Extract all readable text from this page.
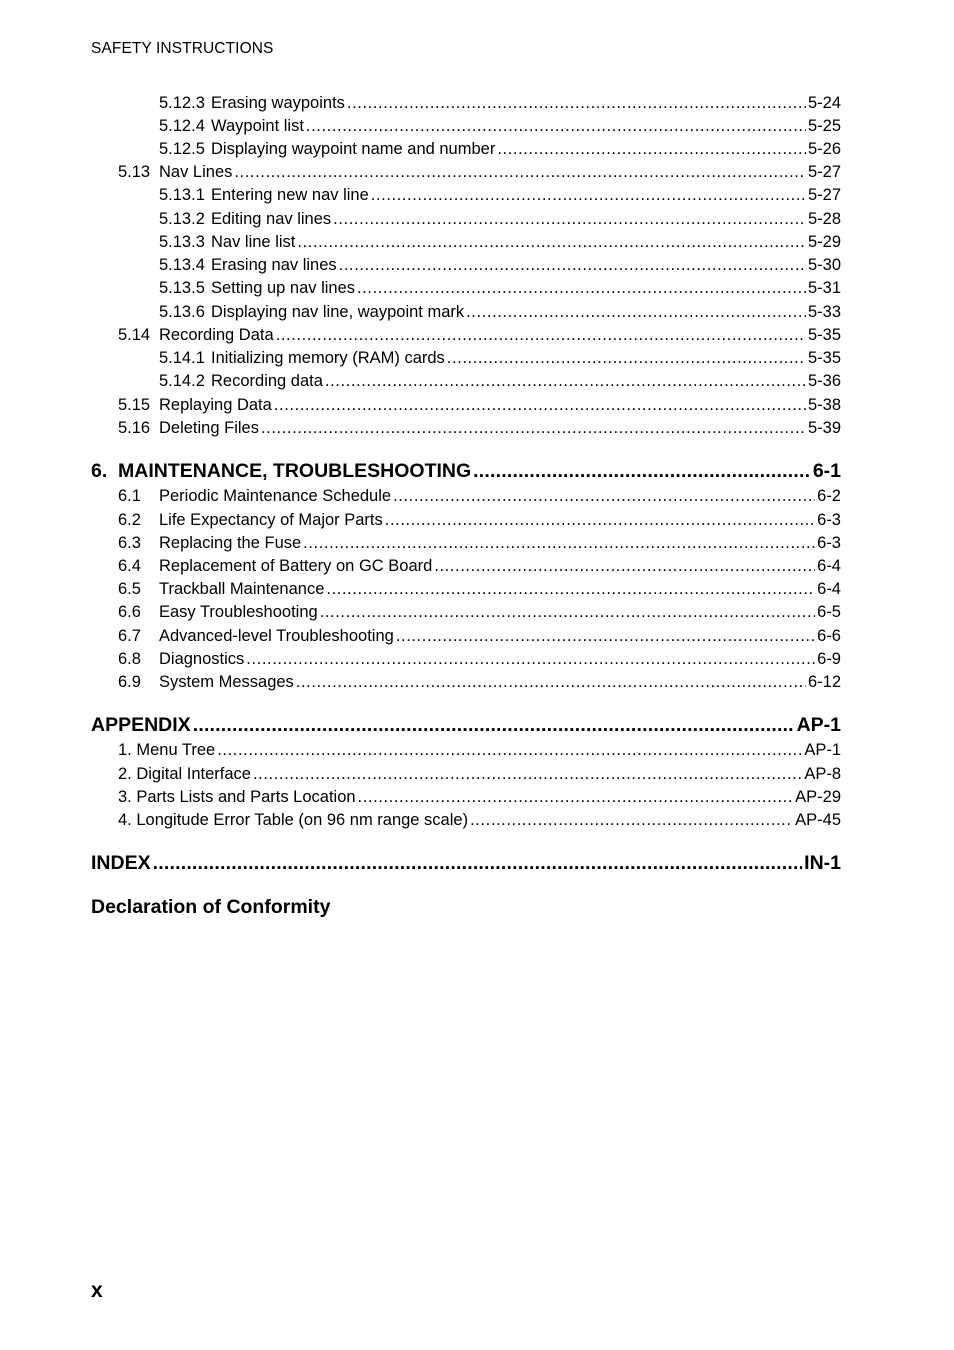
SAFETY INSTRUCTIONS
5.12.3 Erasing waypoints .....	5-24
5.12.4 Waypoint list .....	5-25
5.12.5 Displaying waypoint name and number .....	5-26
5.13 Nav Lines .....	5-27
5.13.1 Entering new nav line .....	5-27
5.13.2 Editing nav lines .....	5-28
5.13.3 Nav line list .....	5-29
5.13.4 Erasing nav lines .....	5-30
5.13.5 Setting up nav lines .....	5-31
5.13.6 Displaying nav line, waypoint mark .....	5-33
5.14 Recording Data .....	5-35
5.14.1 Initializing memory (RAM) cards .....	5-35
5.14.2 Recording data .....	5-36
5.15 Replaying Data .....	5-38
5.16 Deleting Files .....	5-39
6. MAINTENANCE, TROUBLESHOOTING .....	6-1
6.1	Periodic Maintenance Schedule .....	6-2
6.2	Life Expectancy of Major Parts .....	6-3
6.3	Replacing the Fuse .....	6-3
6.4	Replacement of Battery on GC Board .....	6-4
6.5	Trackball Maintenance .....	6-4
6.6	Easy Troubleshooting .....	6-5
6.7	Advanced-level Troubleshooting .....	6-6
6.8	Diagnostics .....	6-9
6.9	System Messages .....	6-12
APPENDIX .....	AP-1
1. Menu Tree .....	AP-1
2. Digital Interface .....	AP-8
3. Parts Lists and Parts Location .....	AP-29
4. Longitude Error Table (on 96 nm range scale) .....	AP-45
INDEX .....	IN-1
Declaration of Conformity
x
